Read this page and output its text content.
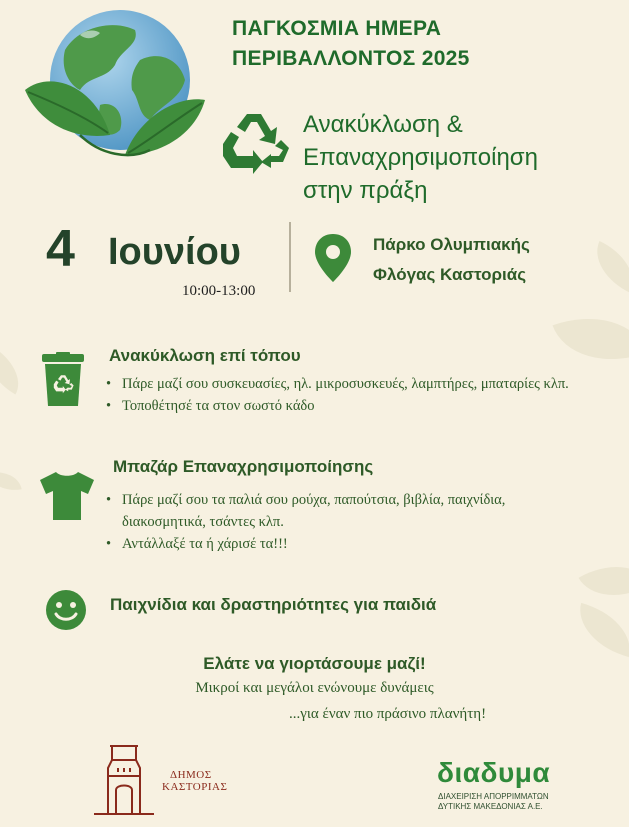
ΠΑΓΚΟΣΜΙΑ ΗΜΕΡΑ
ΠΕΡΙΒΑΛΛΟΝΤΟΣ 2025
Ανακύκλωση &
Επαναχρησιμοποίηση
στην πράξη
4 Ιουνίου
10:00-13:00
Πάρκο Ολυμπιακής
Φλόγας Καστοριάς
Ανακύκλωση επί τόπου
• Πάρε μαζί σου συσκευασίες, ηλ. μικροσυσκευές, λαμπτήρες, μπαταρίες κλπ.
• Τοποθέτησέ τα στον σωστό κάδο
Μπαζάρ Επαναχρησιμοποίησης
• Πάρε μαζί σου τα παλιά σου ρούχα, παπούτσια, βιβλία, παιχνίδια, διακοσμητικά, τσάντες κλπ.
• Αντάλλαξέ τα ή χάρισέ τα!!!
Παιχνίδια και δραστηριότητες για παιδιά
Ελάτε να γιορτάσουμε μαζί!
Μικροί και μεγάλοι ενώνουμε δυνάμεις
...για έναν πιο πράσινο πλανήτη!
ΔΗΜΟΣ
ΚΑΣΤΟΡΙΑΣ	διαδυμα
ΔΙΑΧΕΙΡΙΣΗ ΑΠΟΡΡΙΜΜΑΤΩΝ
ΔΥΤΙΚΗΣ ΜΑΚΕΔΟΝΙΑΣ Α.Ε.
